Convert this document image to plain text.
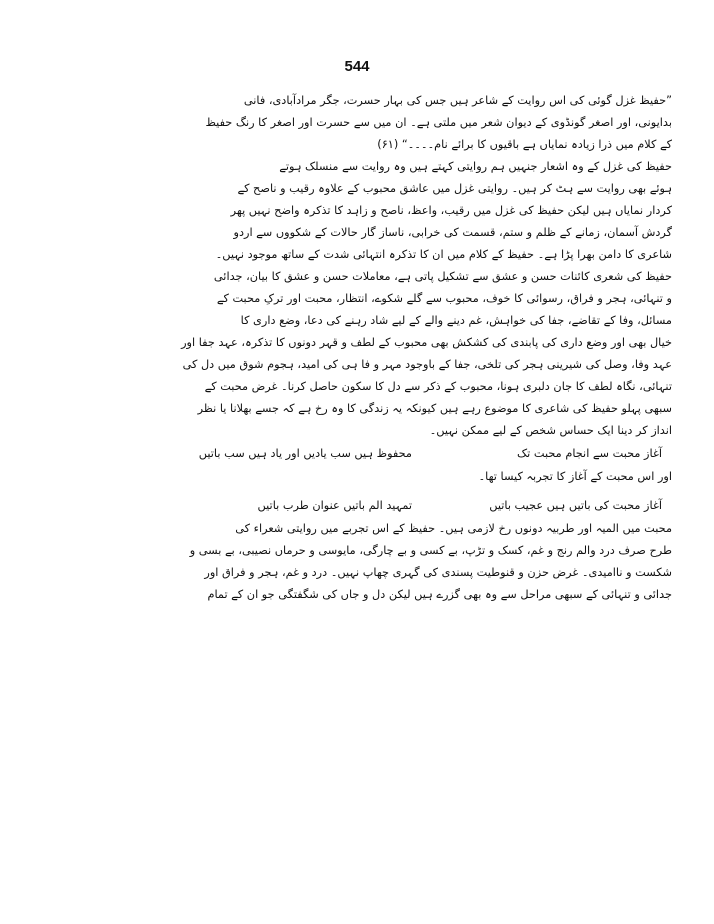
544
”حفیظ غزل گوئی کی اس روایت کے شاعر ہیں جس کی بہار حسرت، جگر مرادآبادی، فانی
بدایونی، اور اصغر گونڈوی کے دیوان شعر میں ملتی ہے۔ ان میں سے حسرت اور اصغر کا رنگ حفیظ
کے کلام میں ذرا زیادہ نمایاں ہے باقیوں کا برائے نام۔۔۔۔“ (۶۱)
حفیظ کی غزل کے وہ اشعار جنہیں ہم روایتی کہتے ہیں وہ روایت سے منسلک ہوتے
ہوئے بھی روایت سے ہٹ کر ہیں۔ روایتی غزل میں عاشق محبوب کے علاوہ رقیب و ناصح کے
کردار نمایاں ہیں لیکن حفیظ کی غزل میں رقیب، واعظ، ناصح و زاہد کا تذکرہ واضح نہیں پھر
گردش آسمان، زمانے کے ظلم و ستم، قسمت کی خرابی، ناساز گار حالات کے شکووں سے اردو
شاعری کا دامن بھرا پڑا ہے۔ حفیظ کے کلام میں ان کا تذکرہ انتہائی شدت کے ساتھ موجود نہیں۔
حفیظ کی شعری کائنات حسن و عشق سے تشکیل پاتی ہے، معاملات حسن و عشق کا بیان، جدائی
و تنہائی، ہجر و فراق، رسوائی کا خوف، محبوب سے گلے شکوے، انتظار، محبت اور ترکِ محبت کے
مسائل، وفا کے تقاضے، جفا کی خواہش، غم دینے والے کے لیے شاد رہنے کی دعا، وضع داری کا
خیال بھی اور وضع داری کی پابندی کی کشکش بھی محبوب کے لطف و قہر دونوں کا تذکرہ، عہد جفا اور
عہد وفا، وصل کی شیرینی ہجر کی تلخی، جفا کے باوجود مہر و فا ہی کی امید، ہجوم شوق میں دل کی
تنہائی، نگاہ لطف کا جان دلبری ہونا، محبوب کے ذکر سے دل کا سکون حاصل کرنا۔ غرض محبت کے
سبھی پہلو حفیظ کی شاعری کا موضوع رہے ہیں کیونکہ یہ زندگی کا وہ رخ ہے کہ جسے بھلانا یا نظر
انداز کر دینا ایک حساس شخص کے لیے ممکن نہیں۔
آغاز محبت سے انجام محبت تک
محفوظ ہیں سب یادیں اور یاد ہیں سب باتیں
اور اس محبت کے آغاز کا تجربہ کیسا تھا۔
آغاز محبت کی باتیں ہیں عجیب باتیں
تمہید الم باتیں عنوان طرب باتیں
محبت میں المیہ اور طربیہ دونوں رخ لازمی ہیں۔ حفیظ کے اس تجربے میں روایتی شعراء کی
طرح صرف درد والم رنج و غم، کسک و تڑپ، بے کسی و بے چارگی، مایوسی و حرماں نصیبی، بے بسی و
شکست و ناامیدی۔ غرض حزن و قنوطیت پسندی کی گہری چھاپ نہیں۔ درد و غم، ہجر و فراق اور
جدائی و تنہائی کے سبھی مراحل سے وہ بھی گزرے ہیں لیکن دل و جاں کی شگفتگی جو ان کے تمام
